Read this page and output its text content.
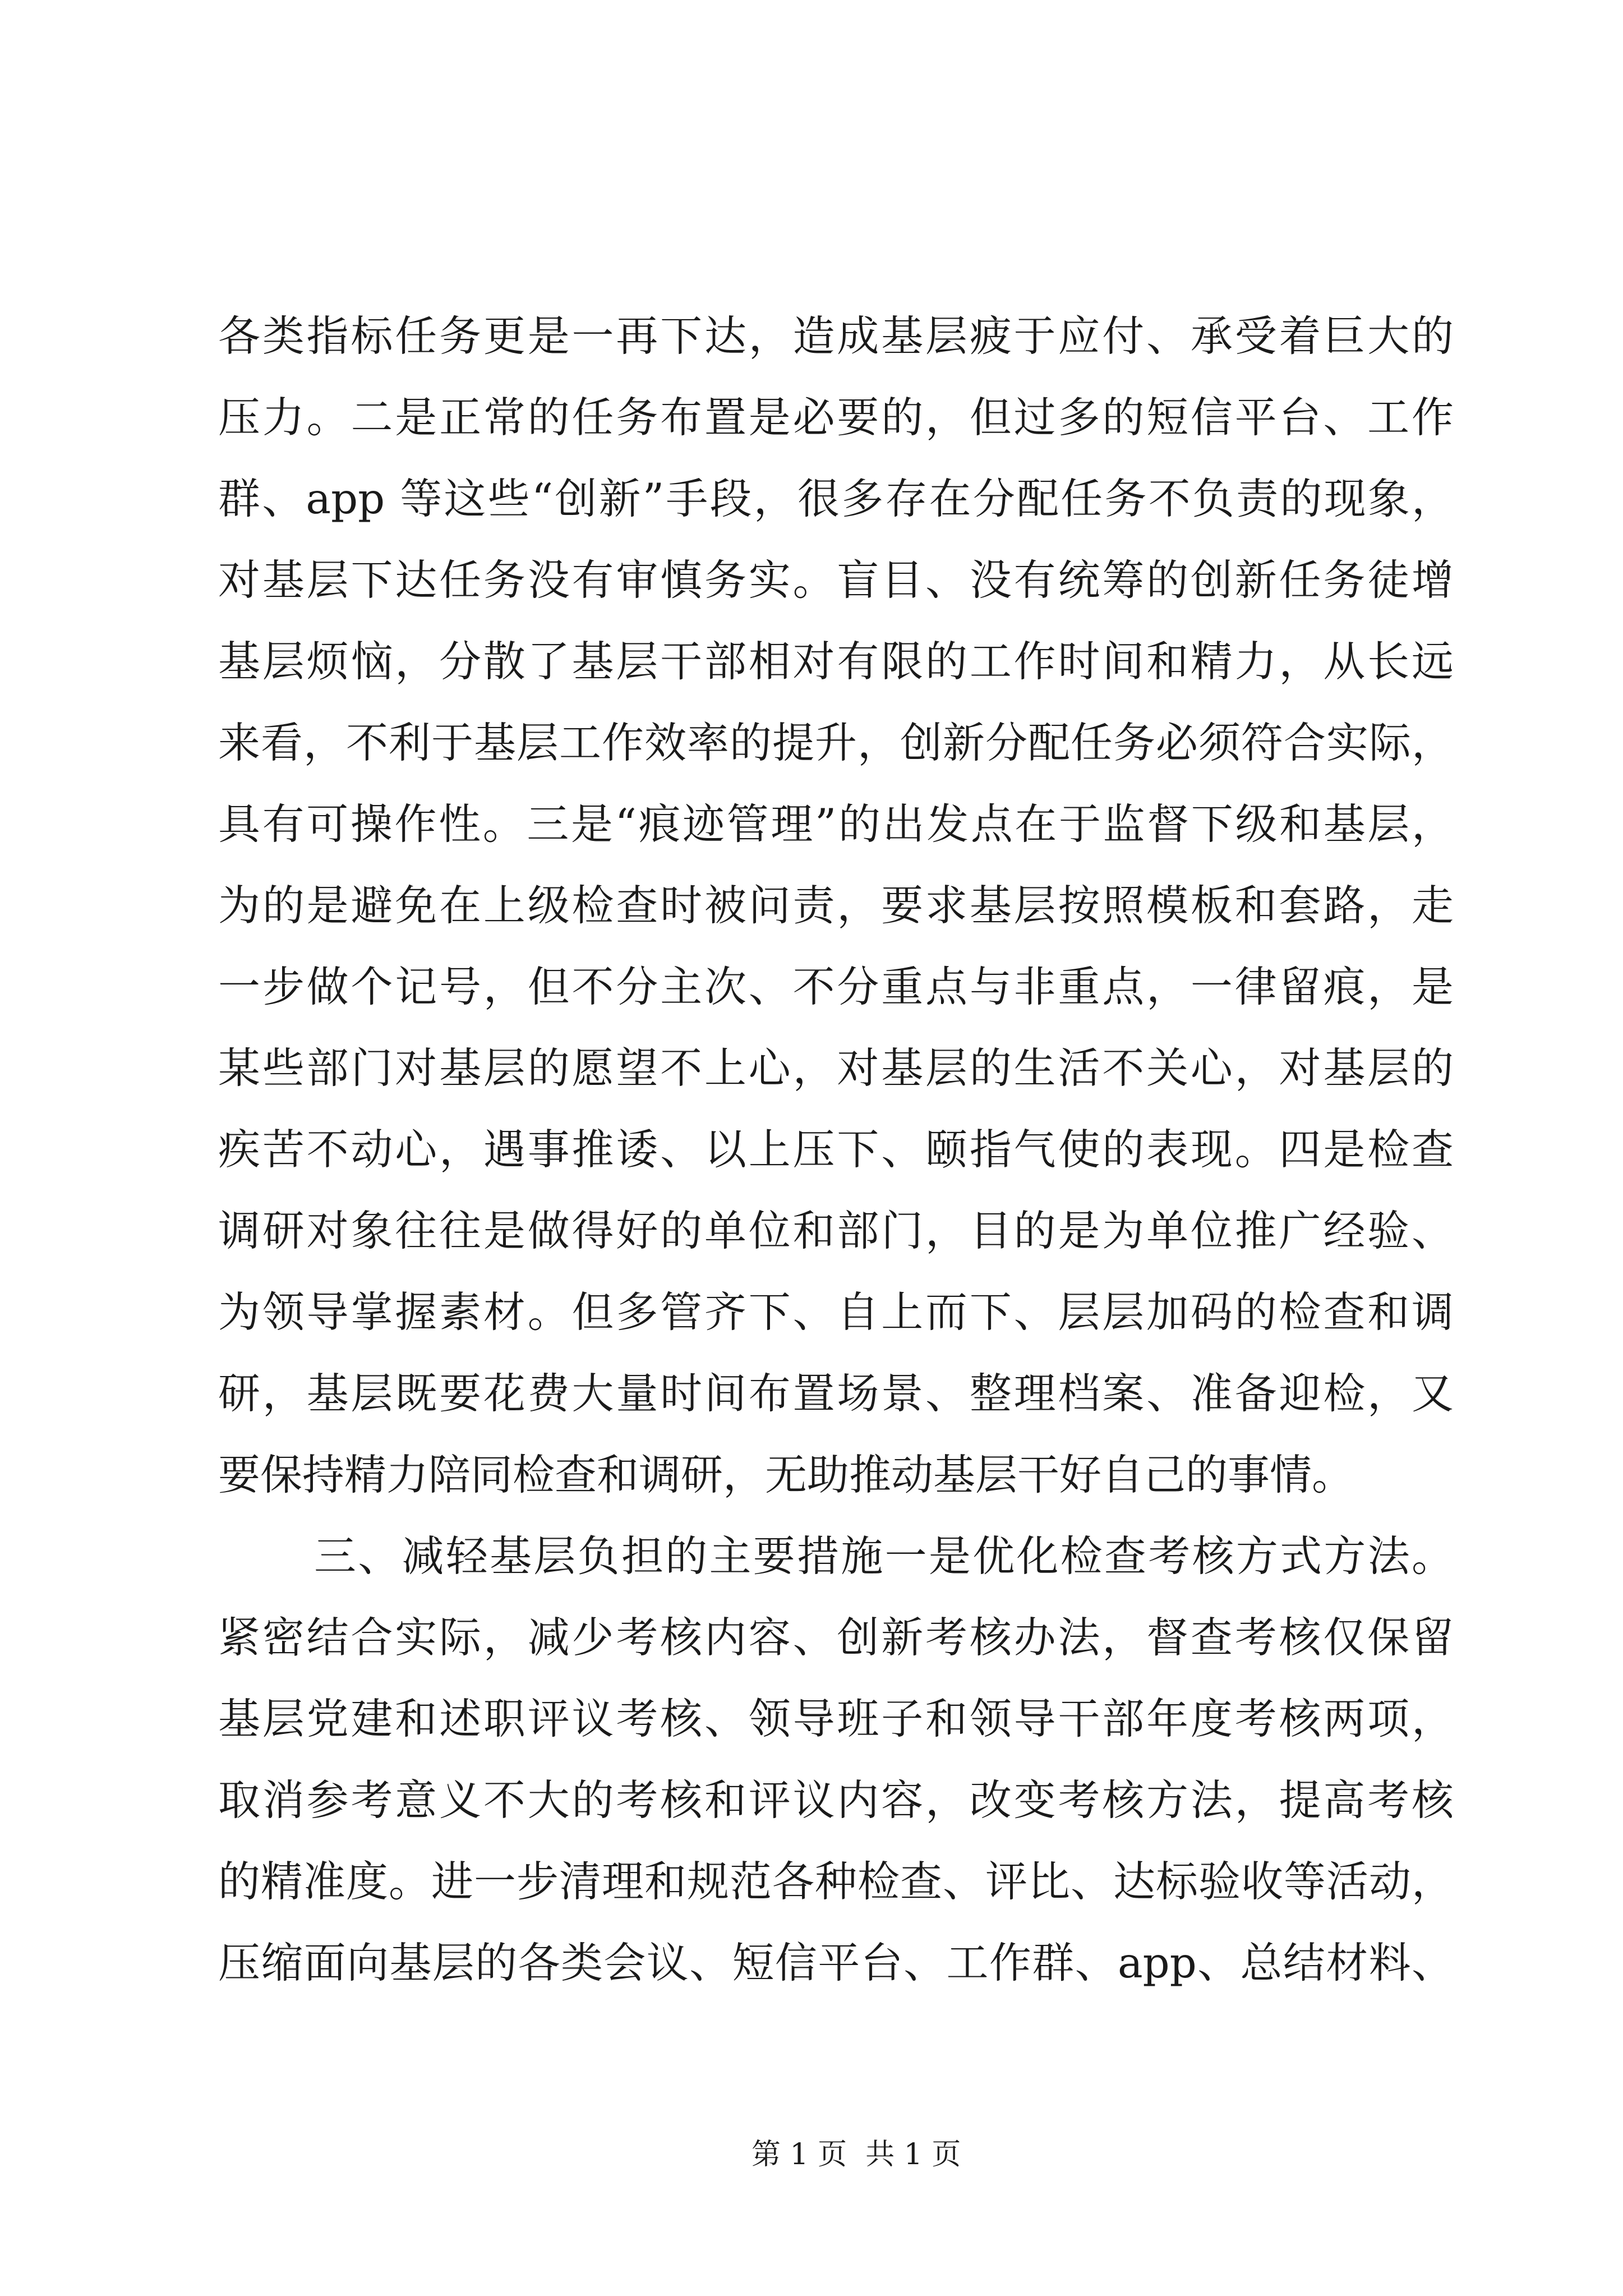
各类指标任务更是一再下达，造成基层疲于应付、承受着巨大的
压力。二是正常的任务布置是必要的，但过多的短信平台、工作
群、app 等这些“创新”手段，很多存在分配任务不负责的现象，
对基层下达任务没有审慎务实。盲目、没有统筹的创新任务徒增
基层烦恼，分散了基层干部相对有限的工作时间和精力，从长远
来看，不利于基层工作效率的提升，创新分配任务必须符合实际，
具有可操作性。三是“痕迹管理”的出发点在于监督下级和基层，
为的是避免在上级检查时被问责，要求基层按照模板和套路，走
一步做个记号，但不分主次、不分重点与非重点，一律留痕，是
某些部门对基层的愿望不上心，对基层的生活不关心，对基层的
疾苦不动心，遇事推诿、以上压下、颐指气使的表现。四是检查
调研对象往往是做得好的单位和部门，目的是为单位推广经验、
为领导掌握素材。但多管齐下、自上而下、层层加码的检查和调
研，基层既要花费大量时间布置场景、整理档案、准备迎检，又
要保持精力陪同检查和调研，无助推动基层干好自己的事情。
三、减轻基层负担的主要措施一是优化检查考核方式方法。
紧密结合实际，减少考核内容、创新考核办法，督查考核仅保留
基层党建和述职评议考核、领导班子和领导干部年度考核两项，
取消参考意义不大的考核和评议内容，改变考核方法，提高考核
的精准度。进一步清理和规范各种检查、评比、达标验收等活动，
压缩面向基层的各类会议、短信平台、工作群、app、总结材料、
第 1 页  共 1 页
